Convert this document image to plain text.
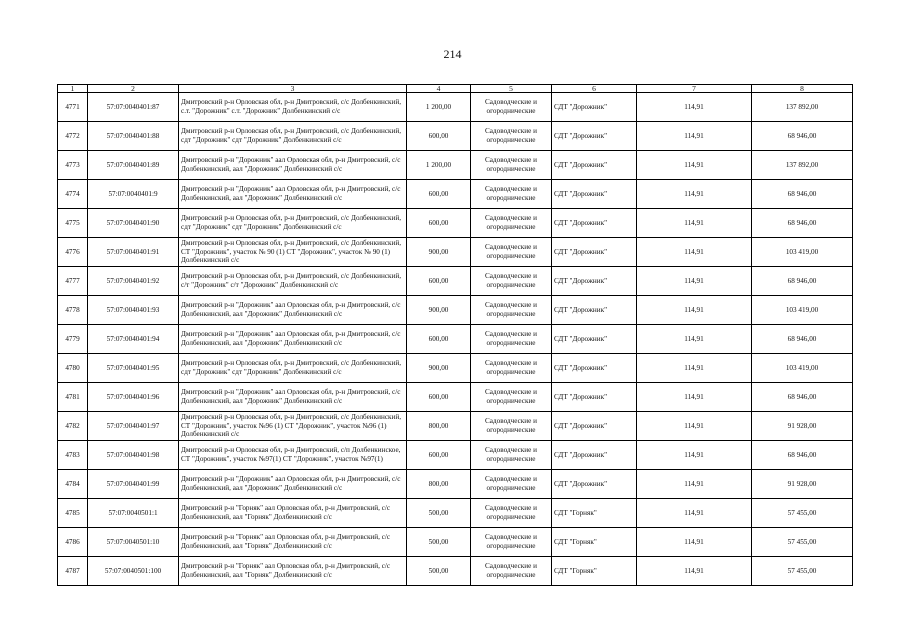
214
1	2	3	4	5	6	7	8
4771	57:07:0040401:87	Дмитровский р-н Орловская обл, р-н Дмитровский, с/с Долбенкинский, с.т. "Дорожник" с.т. "Дорожник" Долбенкинский с/с	1 200,00	Садоводческие и огороднические	СДТ "Дорожник"	114,91	137 892,00
4772	57:07:0040401:88	Дмитровский р-н Орловская обл, р-н Дмитровский, с/с Долбенкинский, сдт "Дорожник" сдт "Дорожник" Долбенкинский с/с	600,00	Садоводческие и огороднические	СДТ "Дорожник"	114,91	68 946,00
4773	57:07:0040401:89	Дмитровский р-н "Дорожник" аал Орловская обл, р-н Дмитровский, с/с Долбенкинский, аал "Дорожник" Долбенкинский с/с	1 200,00	Садоводческие и огороднические	СДТ "Дорожник"	114,91	137 892,00
4774	57:07:0040401:9	Дмитровский р-н "Дорожник" аал Орловская обл, р-н Дмитровский, с/с Долбенкинский, аал "Дорожник" Долбенкинский с/с	600,00	Садоводческие и огороднические	СДТ "Дорожник"	114,91	68 946,00
4775	57:07:0040401:90	Дмитровский р-н Орловская обл, р-н Дмитровский, с/с Долбенкинский, сдт "Дорожник" сдт "Дорожник" Долбенкинский с/с	600,00	Садоводческие и огороднические	СДТ "Дорожник"	114,91	68 946,00
4776	57:07:0040401:91	Дмитровский р-н Орловская обл, р-н Дмитровский, с/с Долбенкинский, СТ "Дорожник", участок № 90 (1) СТ "Дорожник", участок № 90 (1) Долбенкинский с/с	900,00	Садоводческие и огороднические	СДТ "Дорожник"	114,91	103 419,00
4777	57:07:0040401:92	Дмитровский р-н Орловская обл, р-н Дмитровский, с/с Долбенкинский, с/т "Дорожник" с/т "Дорожник" Долбенкинский с/с	600,00	Садоводческие и огороднические	СДТ "Дорожник"	114,91	68 946,00
4778	57:07:0040401:93	Дмитровский р-н "Дорожник" аал Орловская обл, р-н Дмитровский, с/с Долбенкинский, аал "Дорожник" Долбенкинский с/с	900,00	Садоводческие и огороднические	СДТ "Дорожник"	114,91	103 419,00
4779	57:07:0040401:94	Дмитровский р-н "Дорожник" аал Орловская обл, р-н Дмитровский, с/с Долбенкинский, аал "Дорожник" Долбенкинский с/с	600,00	Садоводческие и огороднические	СДТ "Дорожник"	114,91	68 946,00
4780	57:07:0040401:95	Дмитровский р-н Орловская обл, р-н Дмитровский, с/с Долбенкинский, сдт "Дорожник" сдт "Дорожник" Долбенкинский с/с	900,00	Садоводческие и огороднические	СДТ "Дорожник"	114,91	103 419,00
4781	57:07:0040401:96	Дмитровский р-н "Дорожник" аал Орловская обл, р-н Дмитровский, с/с Долбенкинский, аал "Дорожник" Долбенкинский с/с	600,00	Садоводческие и огороднические	СДТ "Дорожник"	114,91	68 946,00
4782	57:07:0040401:97	Дмитровский р-н Орловская обл, р-н Дмитровский, с/с Долбенкинский, СТ "Дорожник", участок №96 (1) СТ "Дорожник", участок №96 (1) Долбенкинский с/с	800,00	Садоводческие и огороднические	СДТ "Дорожник"	114,91	91 928,00
4783	57:07:0040401:98	Дмитровский р-н Орловская обл, р-н Дмитровский, с/п Долбенкинское, СТ "Дорожник", участок №97(1) СТ "Дорожник", участок №97(1)	600,00	Садоводческие и огороднические	СДТ "Дорожник"	114,91	68 946,00
4784	57:07:0040401:99	Дмитровский р-н "Дорожник" аал Орловская обл, р-н Дмитровский, с/с Долбенкинский, аал "Дорожник" Долбенкинский с/с	800,00	Садоводческие и огороднические	СДТ "Дорожник"	114,91	91 928,00
4785	57:07:0040501:1	Дмитровский р-н "Горняк" аал Орловская обл, р-н Дмитровский, с/с Долбенкинский, аал "Горняк" Долбенкинский с/с	500,00	Садоводческие и огороднические	СДТ "Горняк"	114,91	57 455,00
4786	57:07:0040501:10	Дмитровский р-н "Горняк" аал Орловская обл, р-н Дмитровский, с/с Долбенкинский, аал "Горняк" Долбенкинский с/с	500,00	Садоводческие и огороднические	СДТ "Горняк"	114,91	57 455,00
4787	57:07:0040501:100	Дмитровский р-н "Горняк" аал Орловская обл, р-н Дмитровский, с/с Долбенкинский, аал "Горняк" Долбенкинский с/с	500,00	Садоводческие и огороднические	СДТ "Горняк"	114,91	57 455,00
